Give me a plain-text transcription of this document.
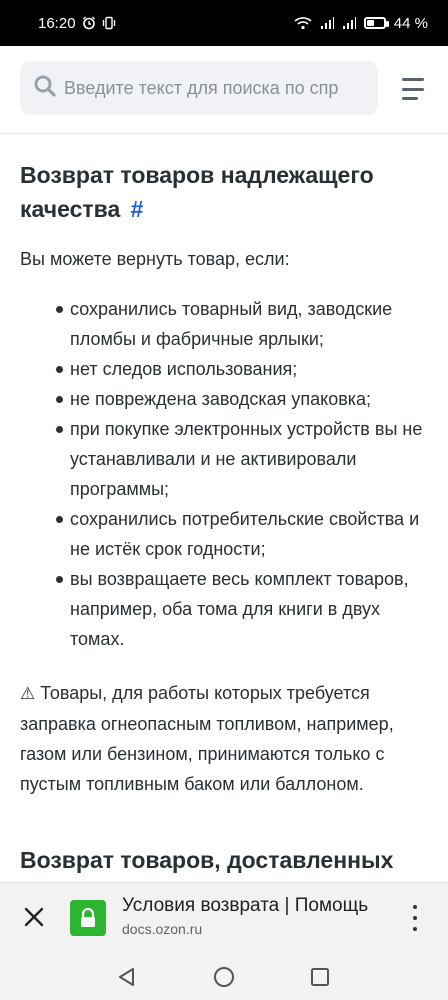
16:20	44 %
Введите текст для поиска по спр
Возврат товаров надлежащего качества #

Вы можете вернуть товар, если:

сохранились товарный вид, заводские пломбы и фабричные ярлыки;
нет следов использования;
не повреждена заводская упаковка;
при покупке электронных устройств вы не устанавливали и не активировали программы;
сохранились потребительские свойства и не истёк срок годности;
вы возвращаете весь комплект товаров, например, оба тома для книги в двух томах.

⚠ Товары, для работы которых требуется заправка огнеопасным топливом, например, газом или бензином, принимаются только с пустым топливным баком или баллоном.

Возврат товаров, доставленных
Условия возврата | Помощь
docs.ozon.ru
